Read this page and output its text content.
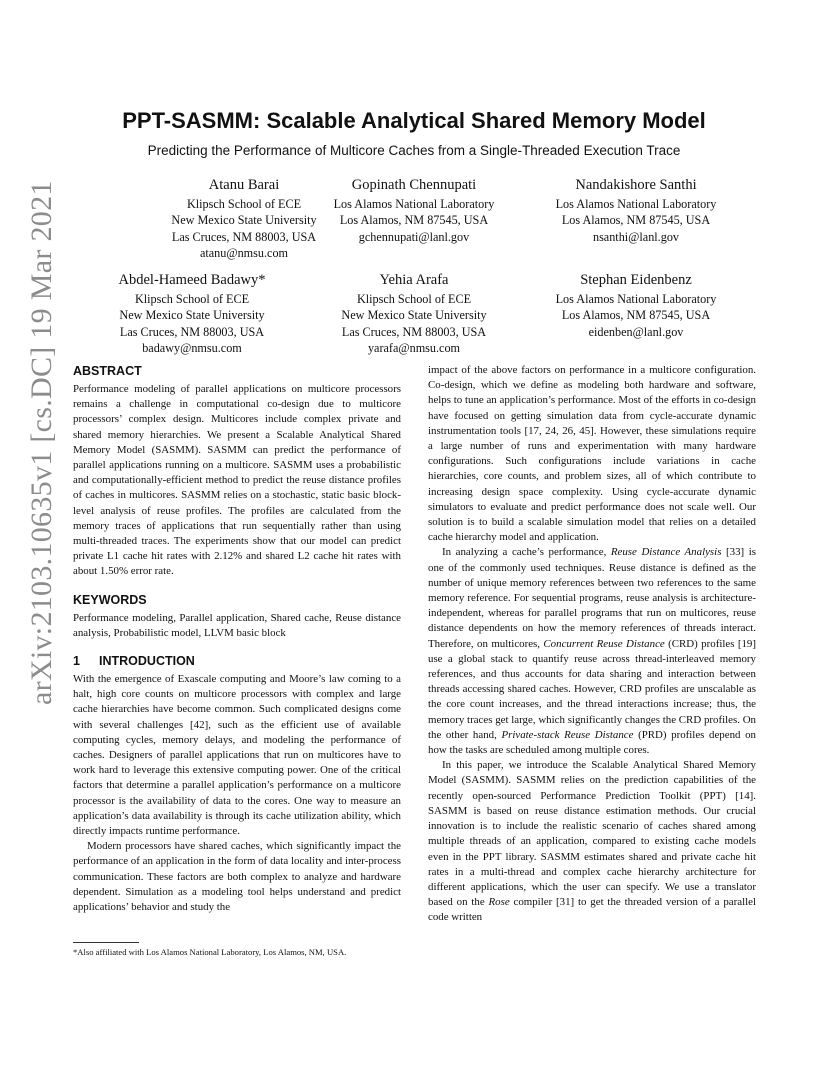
arXiv:2103.10635v1 [cs.DC] 19 Mar 2021
PPT-SASMM: Scalable Analytical Shared Memory Model
Predicting the Performance of Multicore Caches from a Single-Threaded Execution Trace
Atanu Barai
Klipsch School of ECE
New Mexico State University
Las Cruces, NM 88003, USA
atanu@nmsu.com
Gopinath Chennupati
Los Alamos National Laboratory
Los Alamos, NM 87545, USA
gchennupati@lanl.gov
Nandakishore Santhi
Los Alamos National Laboratory
Los Alamos, NM 87545, USA
nsanthi@lanl.gov
Abdel-Hameed Badawy*
Klipsch School of ECE
New Mexico State University
Las Cruces, NM 88003, USA
badawy@nmsu.com
Yehia Arafa
Klipsch School of ECE
New Mexico State University
Las Cruces, NM 88003, USA
yarafa@nmsu.com
Stephan Eidenbenz
Los Alamos National Laboratory
Los Alamos, NM 87545, USA
eidenben@lanl.gov
ABSTRACT

Performance modeling of parallel applications on multicore processors remains a challenge in computational co-design due to multicore processors’ complex design. Multicores include complex private and shared memory hierarchies. We present a Scalable Analytical Shared Memory Model (SASMM). SASMM can predict the performance of parallel applications running on a multicore. SASMM uses a probabilistic and computationally-efficient method to predict the reuse distance profiles of caches in multicores. SASMM relies on a stochastic, static basic block-level analysis of reuse profiles. The profiles are calculated from the memory traces of applications that run sequentially rather than using multi-threaded traces. The experiments show that our model can predict private L1 cache hit rates with 2.12% and shared L2 cache hit rates with about 1.50% error rate.

KEYWORDS

Performance modeling, Parallel application, Shared cache, Reuse distance analysis, Probabilistic model, LLVM basic block

1 INTRODUCTION

With the emergence of Exascale computing and Moore’s law coming to a halt, high core counts on multicore processors with complex and large cache hierarchies have become common. Such complicated designs come with several challenges [42], such as the efficient use of available computing cycles, memory delays, and modeling the performance of caches. Designers of parallel applications that run on multicores have to work hard to leverage this extensive computing power. One of the critical factors that determine a parallel application’s performance on a multicore processor is the availability of data to the cores. One way to measure an application’s data availability is through its cache utilization ability, which directly impacts runtime performance.

Modern processors have shared caches, which significantly impact the performance of an application in the form of data locality and inter-process communication. These factors are both complex to analyze and hardware dependent. Simulation as a modeling tool helps understand and predict applications’ behavior and study the

impact of the above factors on performance in a multicore configuration. Co-design, which we define as modeling both hardware and software, helps to tune an application’s performance. Most of the efforts in co-design have focused on getting simulation data from cycle-accurate dynamic instrumentation tools [17, 24, 26, 45]. However, these simulations require a large number of runs and experimentation with many hardware configurations. Such configurations include variations in cache hierarchies, core counts, and problem sizes, all of which contribute to increasing design space complexity. Using cycle-accurate dynamic simulators to evaluate and predict performance does not scale well. Our solution is to build a scalable simulation model that relies on a detailed cache hierarchy model and application.

In analyzing a cache’s performance, Reuse Distance Analysis [33] is one of the commonly used techniques. Reuse distance is defined as the number of unique memory references between two references to the same memory reference. For sequential programs, reuse analysis is architecture-independent, whereas for parallel programs that run on multicores, reuse distance dependents on how the memory references of threads interact. Therefore, on multicores, Concurrent Reuse Distance (CRD) profiles [19] use a global stack to quantify reuse across thread-interleaved memory references, and thus accounts for data sharing and interaction between threads accessing shared caches. However, CRD profiles are unscalable as the core count increases, and the thread interactions increase; thus, the memory traces get large, which significantly changes the CRD profiles. On the other hand, Private-stack Reuse Distance (PRD) profiles depend on how the tasks are scheduled among multiple cores.

In this paper, we introduce the Scalable Analytical Shared Memory Model (SASMM). SASMM relies on the prediction capabilities of the recently open-sourced Performance Prediction Toolkit (PPT) [14]. SASMM is based on reuse distance estimation methods. Our crucial innovation is to include the realistic scenario of caches shared among multiple threads of an application, compared to existing cache models even in the PPT library. SASMM estimates shared and private cache hit rates in a multi-thread and complex cache hierarchy architecture for different applications, which the user can specify. We use a translator based on the Rose compiler [31] to get the threaded version of a parallel code written

*Also affiliated with Los Alamos National Laboratory, Los Alamos, NM, USA.
